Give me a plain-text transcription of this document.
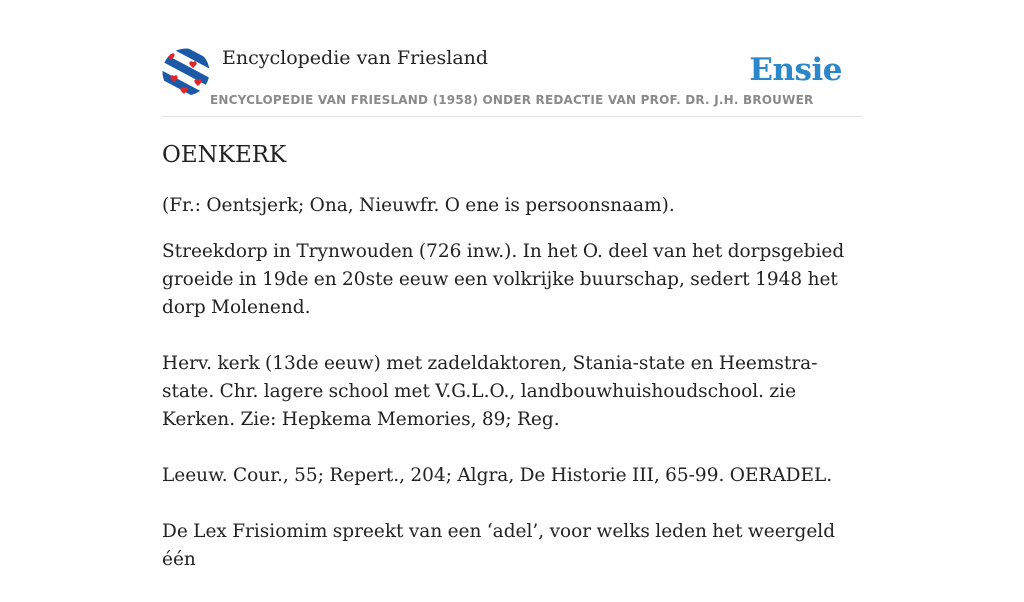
Encyclopedie van Friesland
ENCYCLOPEDIE VAN FRIESLAND (1958) ONDER REDACTIE VAN PROF. DR. J.H. BROUWER
Ensie
OENKERK

(Fr.: Oentsjerk; Ona, Nieuwfr. O ene is persoonsnaam).

Streekdorp in Trynwouden (726 inw.). In het O. deel van het dorpsgebied groeide in 19de en 20ste eeuw een volkrijke buurschap, sedert 1948 het dorp Molenend.

Herv. kerk (13de eeuw) met zadeldaktoren, Stania-state en Heemstra-state. Chr. lagere school met V.G.L.O., landbouwhuishoudschool. zie Kerken. Zie: Hepkema Memories, 89; Reg.

Leeuw. Cour., 55; Repert., 204; Algra, De Historie III, 65-99. OERADEL.

De Lex Frisiomim spreekt van een ‘adel’, voor welks leden het weergeld één
